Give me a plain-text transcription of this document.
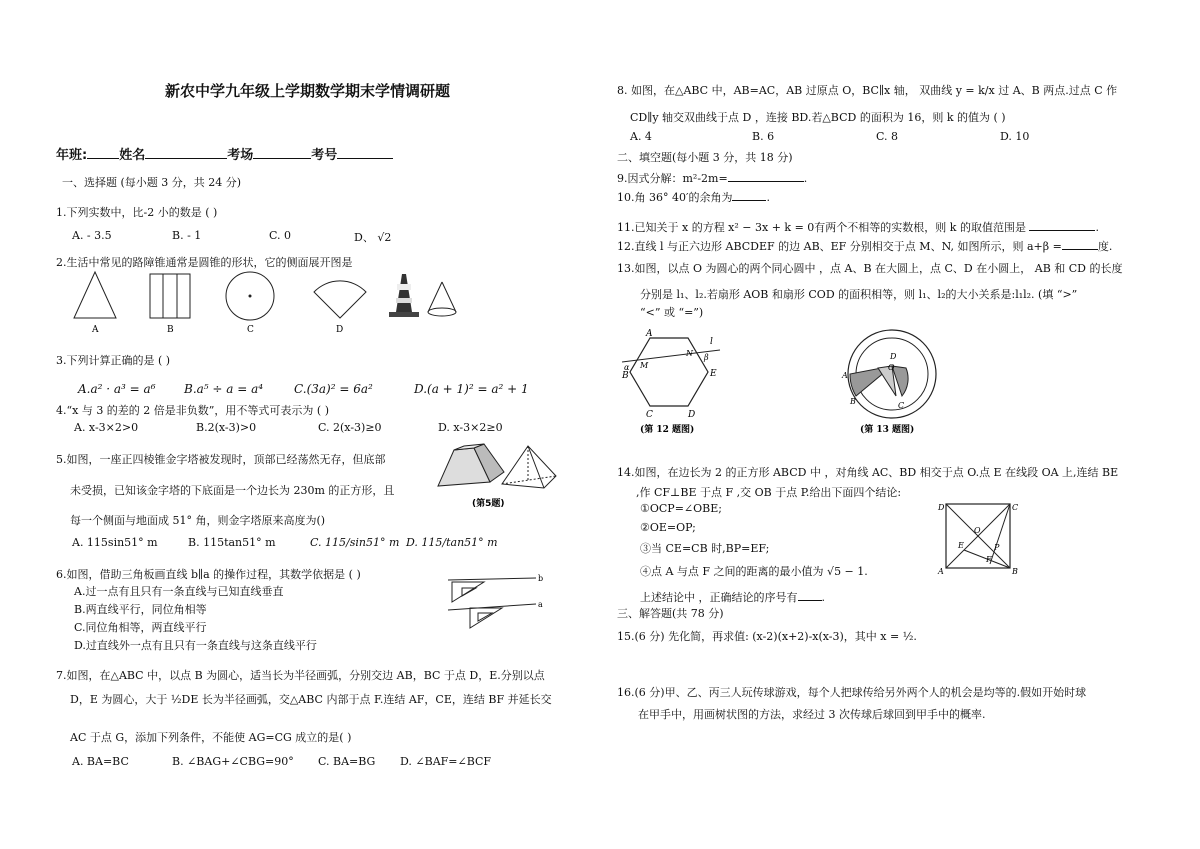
新农中学九年级上学期数学期末学情调研题
年班: 姓名	考场	考号
一、选择题 (每小题 3 分，共 24 分)
1.下列实数中，比-2 小的数是 ( )
A. - 3.5	B. - 1	C. 0	D、 √2
2.生活中常见的路障锥通常是圆锥的形状，它的侧面展开图是
A	B	C	D
3.下列计算正确的是 ( )
A.a² · a³ = a⁶ B.a⁵ ÷ a = a⁴	C.(3a)² = 6a²	D.(a + 1)² = a² + 1
4.“x 与 3 的差的 2 倍是非负数”，用不等式可表示为 ( )
A. x-3×2>0	B.2(x-3)>0	C. 2(x-3)≥0	D. x-3×2≥0
5.如图，一座正四棱锥金字塔被发现时，顶部已经荡然无存，但底部
未受损，已知该金字塔的下底面是一个边长为 230m 的正方形，且
每一个侧面与地面成 51° 角，则金字塔原来高度为()
A. 115sin51° m	B. 115tan51° m	C. 115/sin51° m D. 115/tan51° m
(第5题)
6.如图，借助三角板画直线 b∥a 的操作过程，其数学依据是 ( )
A.过一点有且只有一条直线与已知直线垂直
B.两直线平行，同位角相等
C.同位角相等，两直线平行
D.过直线外一点有且只有一条直线与这条直线平行
b
a
7.如图，在△ABC 中，以点 B 为圆心，适当长为半径画弧，分别交边 AB，BC 于点 D，E.分别以点
D，E 为圆心，大于 ½DE 长为半径画弧，交△ABC 内部于点 F.连结 AF，CE，连结 BF 并延长交
AC 于点 G，添加下列条件，不能使 AG=CG 成立的是( )
A. BA=BC	B. ∠BAG+∠CBG=90° C. BA=BG D. ∠BAF=∠BCF
8. 如图，在△ABC 中，AB=AC，AB 过原点 O，BC∥x 轴， 双曲线 y = k/x 过 A、B 两点.过点 C 作
CD∥y 轴交双曲线于点 D ，连接 BD.若△BCD 的面积为 16，则 k 的值为 ( )
A. 4	B. 6	C. 8	D. 10
二、填空题(每小题 3 分，共 18 分)
9.因式分解：m²-2m=	.
10.角 36° 40′的余角为	.
11.已知关于 x 的方程 x² − 3x + k = 0有两个不相等的实数根，则 k 的取值范围是	.
12.直线 l 与正六边形 ABCDEF 的边 AB、EF 分别相交于点 M、N, 如图所示，则 a+β =	度.
13.如图，以点 O 为圆心的两个同心圆中 ，点 A、B 在大圆上，点 C、D 在小圆上， AB 和 CD 的长度
分别是 l₁、l₂.若扇形 AOB 和扇形 COD 的面积相等，则 l₁、l₂的大小关系是:l₁l₂. (填 “>”
“<” 或 “=”)
A
N
l
α M
β
B	E
C	D
(第 12 题图)
D
O
C
A
B
(第 13 题图)
14.如图，在边长为 2 的正方形 ABCD 中 ，对角线 AC、BD 相交于点 O.点 E 在线段 OA 上,连结 BE
,作 CF⊥BE 于点 F ,交 OB 于点 P.给出下面四个结论:
①OCP=∠OBE;
②OE=OP;
③当 CE=CB 时,BP=EF;
④点 A 与点 F 之间的距离的最小值为 √5 − 1.
上述结论中 ，正确结论的序号有 .
D	C
O
E	P
F
A	B
三、解答题(共 78 分)
15.(6 分) 先化简，再求值: (x-2)(x+2)-x(x-3)，其中 x = ½.
16.(6 分)甲、乙、丙三人玩传球游戏，每个人把球传给另外两个人的机会是均等的.假如开始时球
在甲手中，用画树状图的方法，求经过 3 次传球后球回到甲手中的概率.
